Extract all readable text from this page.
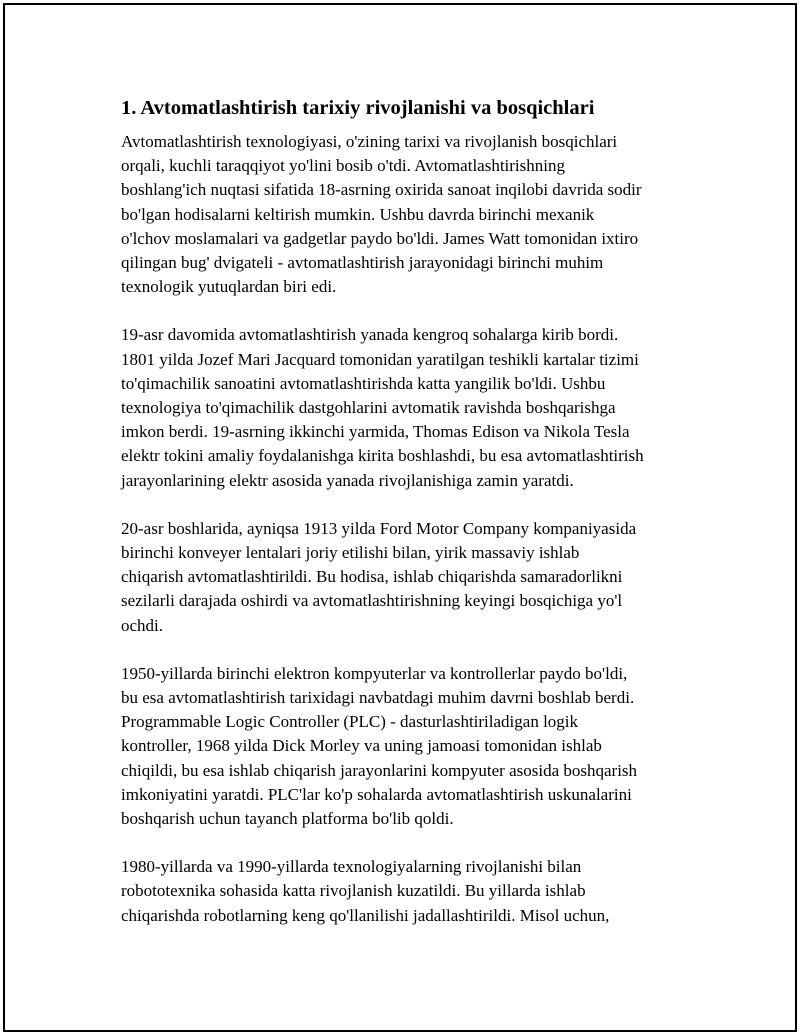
1. Avtomatlashtirish tarixiy rivojlanishi va bosqichlari
Avtomatlashtirish texnologiyasi, o'zining tarixi va rivojlanish bosqichlari
orqali, kuchli taraqqiyot yo'lini bosib o'tdi. Avtomatlashtirishning
boshlang'ich nuqtasi sifatida 18-asrning oxirida sanoat inqilobi davrida sodir
bo'lgan hodisalarni keltirish mumkin. Ushbu davrda birinchi mexanik
o'lchov moslamalari va gadgetlar paydo bo'ldi. James Watt tomonidan ixtiro
qilingan bug' dvigateli - avtomatlashtirish jarayonidagi birinchi muhim
texnologik yutuqlardan biri edi.
19-asr davomida avtomatlashtirish yanada kengroq sohalarga kirib bordi.
1801 yilda Jozef Mari Jacquard tomonidan yaratilgan teshikli kartalar tizimi
to'qimachilik sanoatini avtomatlashtirishda katta yangilik bo'ldi. Ushbu
texnologiya to'qimachilik dastgohlarini avtomatik ravishda boshqarishga
imkon berdi. 19-asrning ikkinchi yarmida, Thomas Edison va Nikola Tesla
elektr tokini amaliy foydalanishga kirita boshlashdi, bu esa avtomatlashtirish
jarayonlarining elektr asosida yanada rivojlanishiga zamin yaratdi.
20-asr boshlarida, ayniqsa 1913 yilda Ford Motor Company kompaniyasida
birinchi konveyer lentalari joriy etilishi bilan, yirik massaviy ishlab
chiqarish avtomatlashtirildi. Bu hodisa, ishlab chiqarishda samaradorlikni
sezilarli darajada oshirdi va avtomatlashtirishning keyingi bosqichiga yo'l
ochdi.
1950-yillarda birinchi elektron kompyuterlar va kontrollerlar paydo bo'ldi,
bu esa avtomatlashtirish tarixidagi navbatdagi muhim davrni boshlab berdi.
Programmable Logic Controller (PLC) - dasturlashtiriladigan logik
kontroller, 1968 yilda Dick Morley va uning jamoasi tomonidan ishlab
chiqildi, bu esa ishlab chiqarish jarayonlarini kompyuter asosida boshqarish
imkoniyatini yaratdi. PLC'lar ko'p sohalarda avtomatlashtirish uskunalarini
boshqarish uchun tayanch platforma bo'lib qoldi.
1980-yillarda va 1990-yillarda texnologiyalarning rivojlanishi bilan
robototexnika sohasida katta rivojlanish kuzatildi. Bu yillarda ishlab
chiqarishda robotlarning keng qo'llanilishi jadallashtirildi. Misol uchun,
